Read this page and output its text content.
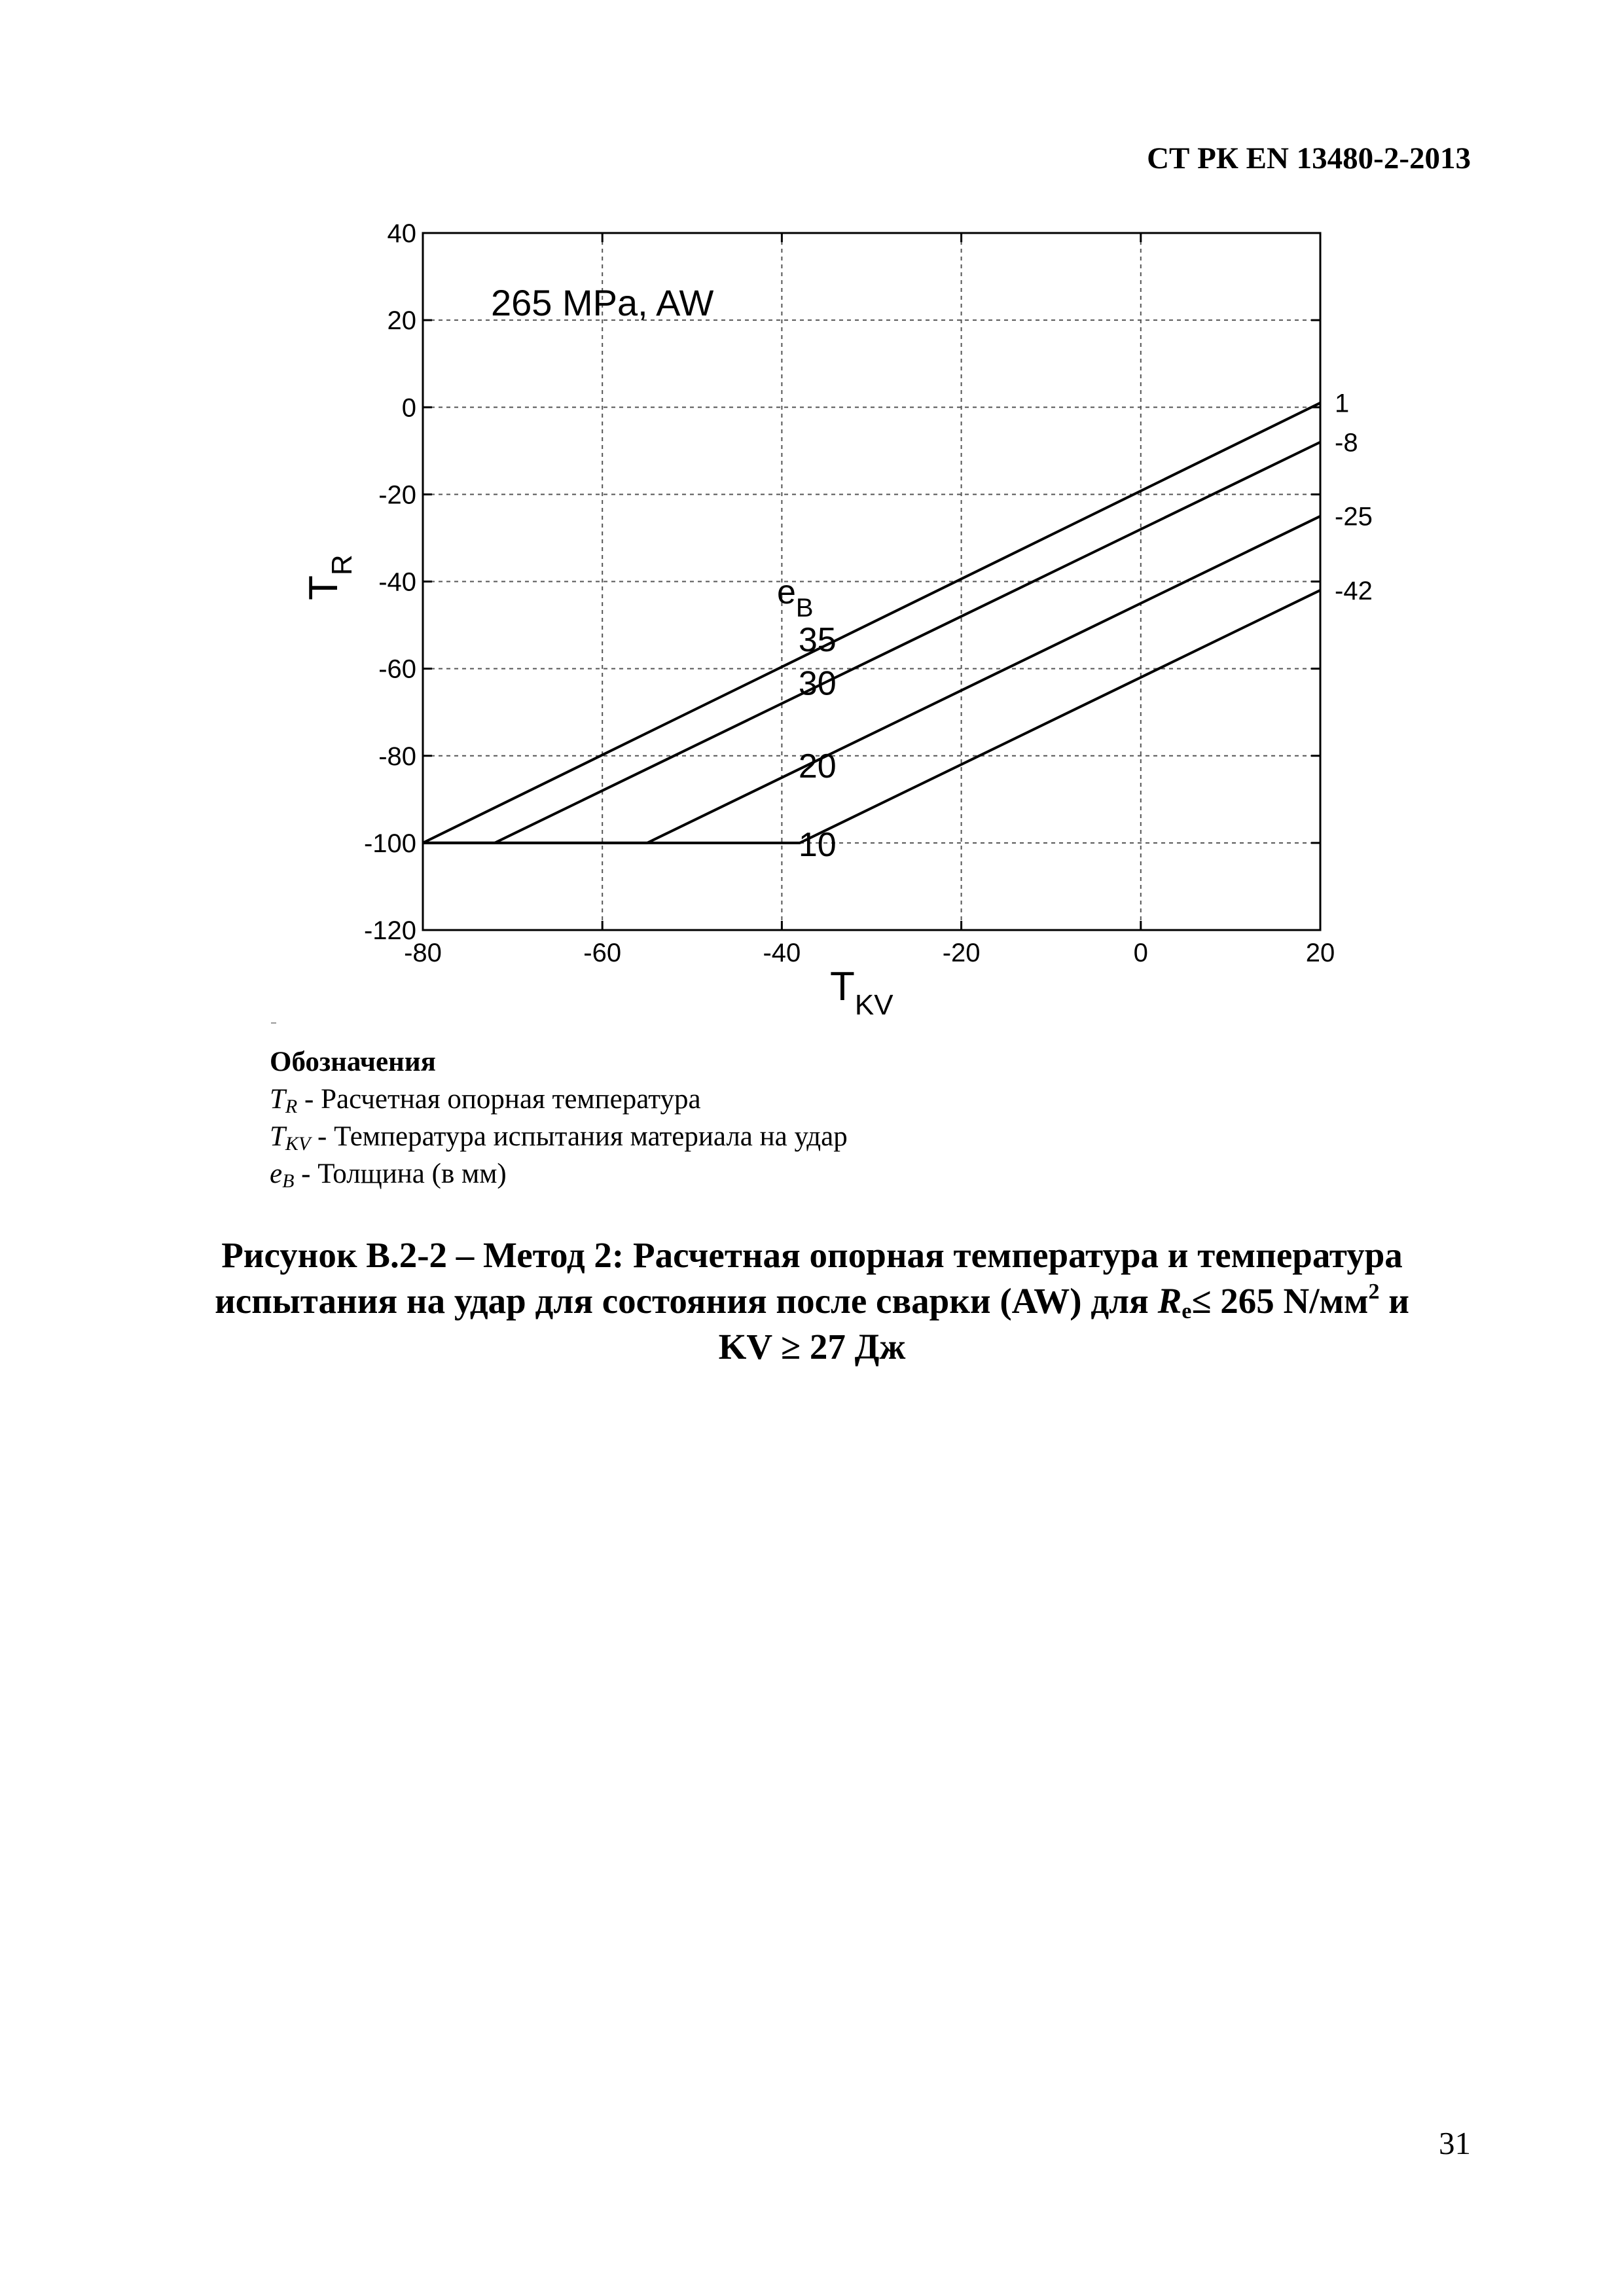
СТ РК EN 13480-2-2013
40
20
0
-20
-40
-60
-80
-100
-120
-80	-60	-40	-20	0	20
35
30
20
10
1
-8
-25
-42
265 MPa, AW
$e_B$
$T_{KV}$
$T_R$
Обозначения
$T_R$ - Расчетная опорная температура
$T_{KV}$ - Температура испытания материала на удар
$e_B$ - Толщина (в мм)
Рисунок В.2-2 – Метод 2: Расчетная опорная температура и температура
испытания на удар для состояния после сварки (AW) для $R_e\le 265$ $N/мм^2$ и
KV ≥ 27 Дж
31
